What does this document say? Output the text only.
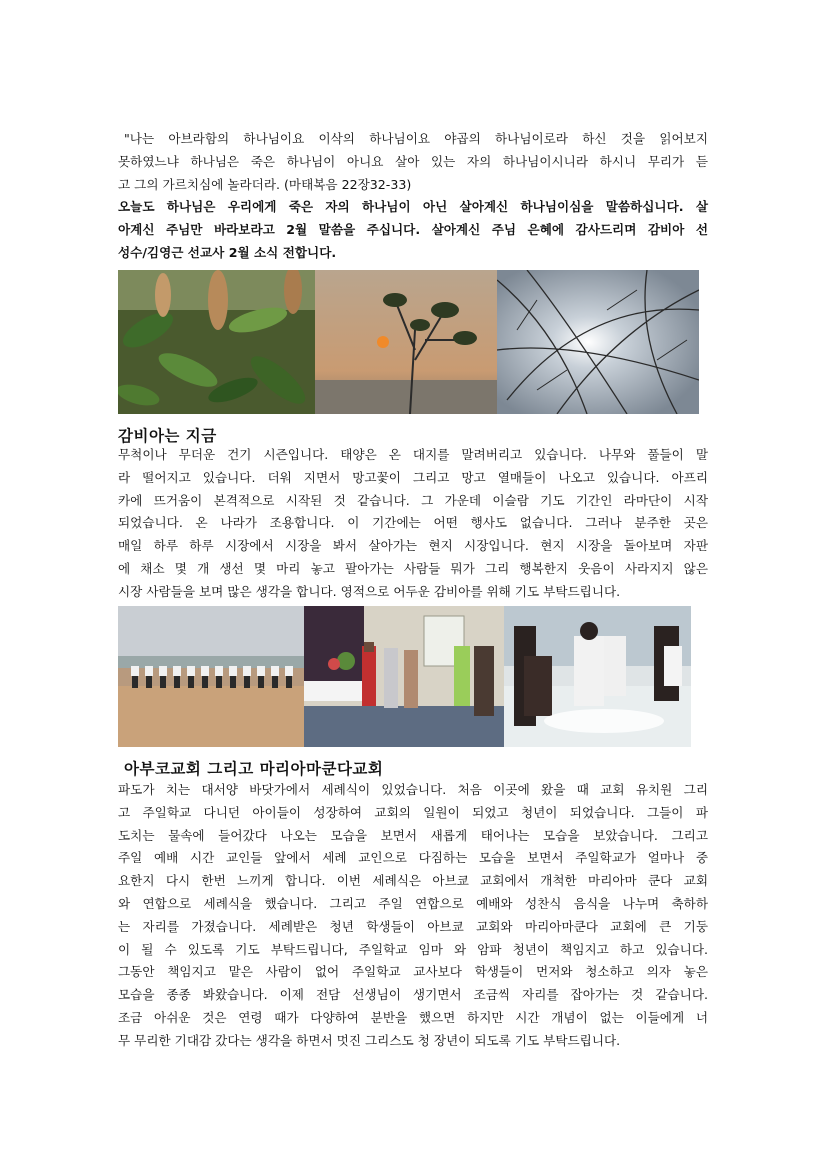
"나는 아브라함의 하나님이요 이삭의 하나님이요 야곱의 하나님이로라 하신 것을 읽어보지
못하였느냐 하나님은 죽은 하나님이 아니요 살아 있는 자의 하나님이시니라 하시니 무리가 듣
고 그의 가르치심에 놀라더라. (마태복음 22장32-33)
오늘도 하나님은 우리에게 죽은 자의 하나님이 아닌 살아계신 하나님이심을 말씀하십니다. 살
아계신 주님만 바라보라고 2월 말씀을 주십니다. 살아계신 주님 은혜에 감사드리며 감비아 선
성수/김영근 선교사 2월 소식 전합니다.
감비아는 지금
무척이나 무더운 건기 시즌입니다. 태양은 온 대지를 말려버리고 있습니다. 나무와 풀들이 말
라 떨어지고 있습니다. 더워 지면서 망고꽃이 그리고 망고 열매들이 나오고 있습니다. 아프리
카에 뜨거움이 본격적으로 시작된 것 같습니다. 그 가운데 이슬람 기도 기간인 라마단이 시작
되었습니다. 온 나라가 조용합니다. 이 기간에는 어떤 행사도 없습니다. 그러나 분주한 곳은
매일 하루 하루 시장에서 시장을 봐서 살아가는 현지 시장입니다. 현지 시장을 돌아보며 자판
에 채소 몇 개 생선 몇 마리 놓고 팔아가는 사람들 뭐가 그리 행복한지 웃음이 사라지지 않은
시장 사람들을 보며 많은 생각을 합니다. 영적으로 어두운 감비아를 위해 기도 부탁드립니다.
아부코교회 그리고 마리아마쿤다교회
파도가 치는 대서양 바닷가에서 세례식이 있었습니다. 처음 이곳에 왔을 때 교회 유치원 그리
고 주일학교 다니던 아이들이 성장하여 교회의 일원이 되었고 청년이 되었습니다. 그들이 파
도치는 물속에 들어갔다 나오는 모습을 보면서 새롭게 태어나는 모습을 보았습니다. 그리고
주일 예배 시간 교인들 앞에서 세례 교인으로 다짐하는 모습을 보면서 주일학교가 얼마나 중
요한지 다시 한번 느끼게 합니다. 이번 세례식은 아브쿄 교회에서 개척한 마리아마 쿤다 교회
와 연합으로 세례식을 했습니다. 그리고 주일 연합으로 예배와 성찬식 음식을 나누며 축하하
는 자리를 가졌습니다. 세례받은 청년 학생들이 아브쿄 교회와 마리아마쿤다 교회에 큰 기둥
이 될 수 있도록 기도 부탁드립니다, 주일학교 임마 와 암파 청년이 책임지고 하고 있습니다.
그동안 책임지고 맡은 사람이 없어 주일학교 교사보다 학생들이 먼저와 청소하고 의자 놓은
모습을 종종 봐왔습니다. 이제 전담 선생님이 생기면서 조금씩 자리를 잡아가는 것 같습니다.
조금 아쉬운 것은 연령 때가 다양하여 분반을 했으면 하지만 시간 개념이 없는 이들에게 너
무 무리한 기대감 갔다는 생각을 하면서 멋진 그리스도 청 장년이 되도록 기도 부탁드립니다.
